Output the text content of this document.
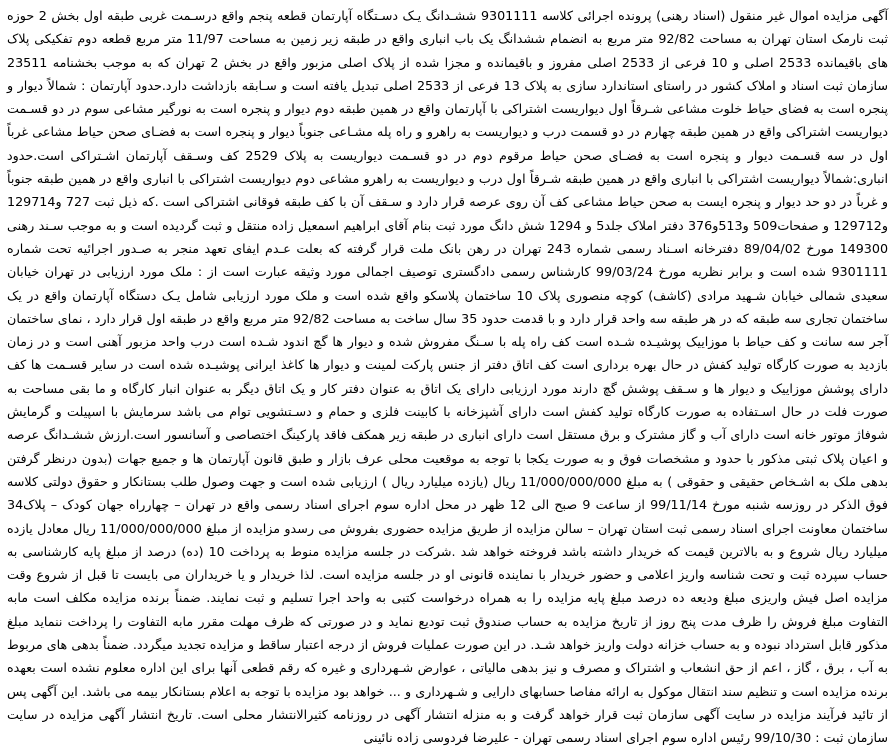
آگهی مزایده اموال غیر منقول (اسناد رهنی) پرونده اجرائی کلاسه 9301111 ششـدانگ یـک دسـتگاه آپارتمان قطعه پنجم واقع درسـمت غربی طبقه اول بخش 2 حوزه ثبت نارمک استان تهران به مساحت 92/82 متر مربع به انضمام ششدانگ یک باب انباری واقع در طبقه زیر زمین به مساحت 11/97 متر مربع قطعه دوم تفکیکی پلاک های باقیمانده 2533 اصلی و 10 فرعی از 2533 اصلی مفروز و باقیمانده و مجزا شده از پلاک اصلی مزبور واقع در بخش 2 تهران که به موجب بخشنامه 23511 سازمان ثبت اسناد و املاک کشور در راستای استاندارد سازی به پلاک 13 فرعی از 2533 اصلی تبدیل یافته است و سـابقه بازداشت دارد.حدود آپارتمان : شمالاً دیوار و پنجره است به فضای حیاط خلوت مشاعی شـرقاً اول دیواریست اشتراکی با آپارتمان واقع در همین طبقه دوم دیوار و پنجره است به نورگیر مشاعی سوم در دو قسـمت دیواریست اشتراکی واقع در همین طبقه چهارم در دو قسمت درب و دیواریست به راهرو و راه پله مشـاعی جنوباً دیوار و پنجره است به فضـای صحن حیاط مشاعی غرباً اول در سه قسـمت دیوار و پنجره است به فضـای صحن حیاط مرقوم دوم در دو قسـمت دیواریست به پلاک 2529 کف وسـقف آپارتمان اشـتراکی است.حدود انباری:شمالاً دیواریست اشتراکی با انباری واقع در همین طبقه شـرقاً اول درب و دیواریست به راهرو مشاعی دوم دیواریست اشتراکی با انباری واقع در همین طبقه جنوباً و غرباً در دو حد دیوار و پنجره ایست به صحن حیاط مشاعی کف آن روی عرصه قرار دارد و سـقف آن با کف طبقه فوقانی اشتراکی است .که ذیل ثبت 727 و129714 و129712 و صفحات509 و513و376 دفتر املاک جلد5 و 1294 شش دانگ مورد ثبت بنام آقای ابراهیم اسمعیل زاده منتقل و ثبت گردیده است و به موجب سـند رهنی 149300 مورخ 89/04/02 دفترخانه اسـناد رسمی شماره 243 تهران در رهن بانک ملت قرار گرفته که بعلت عـدم ایفای تعهد منجر به صـدور اجرائیه تحت شماره 9301111 شده است و برابر نظریه مورخ 99/03/24 کارشناس رسمی دادگستری توصیف اجمالی مورد وثیقه عبارت است از : ملک مورد ارزیابی در تهران خیابان سعیدی شمالی خیابان شـهید مرادی (کاشف) کوچه منصوری پلاک 10 ساختمان پلاسکو واقع شده است و ملک مورد ارزیابی شامل یـک دستگاه آپارتمان واقع در یک ساختمان تجاری سه طبقه که در هر طبقه سه واحد قرار دارد و با قدمت حدود 35 سال ساخت به مساحت 92/82 متر مربع واقع در طبقه اول قرار دارد ، نمای ساختمان آجر سه سانت و کف حیاط با موزاییک پوشیـده شـده است کف راه پله با سـنگ مفروش شده و دیوار ها گچ اندود شـده است درب واحد مزبور آهنی است و در زمان بازدید به صورت کارگاه تولید کفش در حال بهره برداری است کف اتاق دفتر از جنس پارکت لمینت و دیوار ها کاغذ ایرانی پوشیـده شده است در سایر قسـمت ها کف دارای پوشش موزاییک و دیوار ها و سـقف پوشش گچ دارند مورد ارزیابی دارای یک اتاق به عنوان دفتر کار و یک اتاق دیگر به عنوان انبار کارگاه و ما بقی مساحت به صورت فلت در حال اسـتفاده به صورت کارگاه تولید کفش است دارای آشپزخانه با کابینت فلزی و حمام و دسـتشویی توام می باشد سرمایش با اسپیلت و گرمایش شوفاژ موتور خانه است دارای آب و گاز مشترک و برق مستقل است دارای انباری در طبقه زیر همکف فاقد پارکینگ اختصاصی و آسانسور است.ارزش ششـدانگ عرصه و اعیان پلاک ثبتی مذکور با حدود و مشخصات فوق و به صورت یکجا با توجه به موقعیت محلی عرف بازار و طبق قانون آپارتمان ها و جمیع جهات (بدون درنظر گرفتن بدهی ملک به اشـخاص حقیقی و حقوقی ) به مبلغ 11/000/000/000 ریال (یازده میلیارد ریال ) ارزیابی شده است و جهت وصول طلب بستانکار و حقوق دولتی کلاسه فوق الذکر در روزسه شنبه مورخ 99/11/14 از ساعت 9 صبح الی 12 ظهر در محل اداره سوم اجرای اسناد رسمی واقع در تهران – چهارراه جهان کودک – پلاک34 ساختمان معاونت اجرای اسناد رسمی ثبت استان تهران – سالن مزایده از طریق مزایده حضوری بفروش می رسدو مزایده از مبلغ 11/000/000/000 ریال معادل یازده میلیارد ریال شروع و به بالاترین قیمت که خریدار داشته باشد فروخته خواهد شد .شرکت در جلسه مزایده منوط به پرداخت 10 (ده) درصد از مبلغ پایه کارشناسی به حساب سپرده ثبت و تحت شناسه واریز اعلامی و حضور خریدار با نماینده قانونی او در جلسه مزایده است. لذا خریدار و یا خریداران می بایست تا قبل از شروع وقت مزایده اصل فیش واریزی مبلغ ودیعه ده درصد مبلغ پایه مزایده را به همراه درخواست کتبی به واحد اجرا تسلیم و ثبت نمایند. ضمناً برنده مزایده مکلف است مابه التفاوت مبلغ فروش را ظرف مدت پنج روز از تاریخ مزایده به حساب صندوق ثبت تودیع نماید و در صورتی که ظرف مهلت مقرر مابه التفاوت را پرداخت ننماید مبلغ مذکور قابل استرداد نبوده و به حساب خزانه دولت واریز خواهد شـد. در این صورت عملیات فروش از درجه اعتبار ساقط و مزایده تجدید میگردد. ضمناً بدهی های مربوط به آب ، برق ، گاز ، اعم از حق انشعاب و اشتراک و مصرف و نیز بدهی مالیاتی ، عوارض شـهرداری و غیره که رقم قطعی آنها برای این اداره معلوم نشده است بعهده برنده مزایده است و تنظیم سند انتقال موکول به ارائه مفاصا حسابهای دارایی و شـهرداری و ... خواهد بود مزایده با توجه به اعلام بستانکار بیمه می باشد. این آگهی پس از تائید فرآیند مزایده در سایت آگهی سازمان ثبت قرار خواهد گرفت و به منزله انتشار آگهی در روزنامه کثیرالانتشار محلی است. تاریخ انتشار آگهی مزایده در سایت سازمان ثبت : 99/10/30 رئیس اداره سوم اجرای اسناد رسمی تهران - علیرضا فردوسی زاده نائینی
